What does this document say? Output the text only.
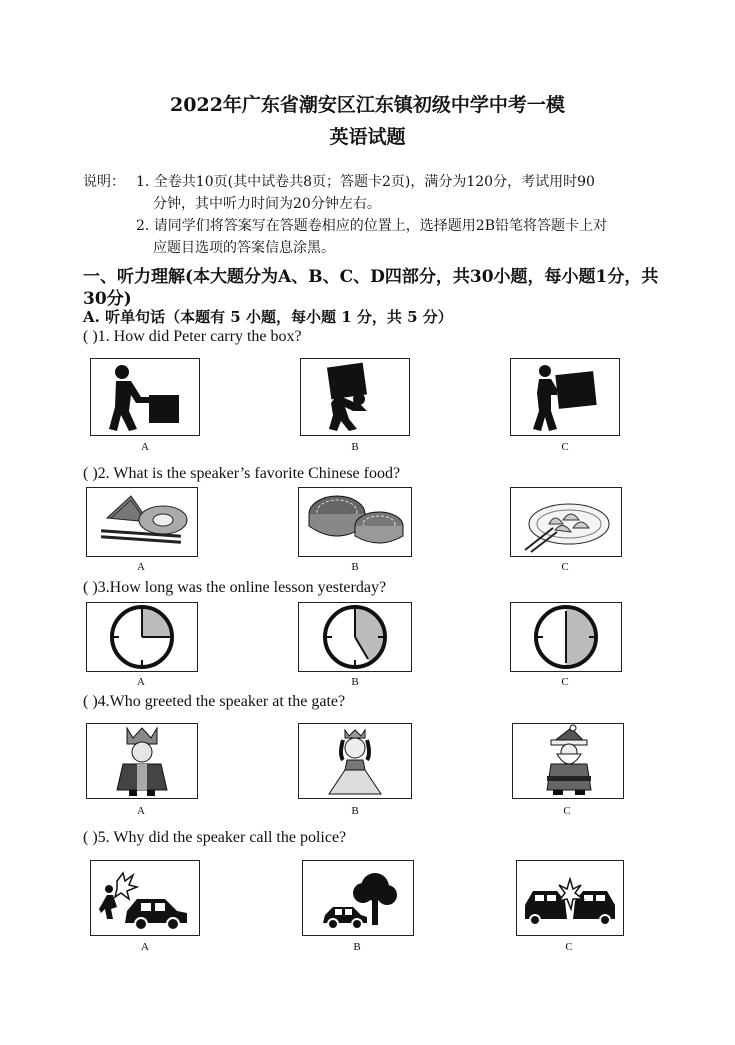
2022年广东省潮安区江东镇初级中学中考一模
英语试题
说明： 1. 全卷共10页(其中试卷共8页；答题卡2页)，满分为120分，考试用时90
分钟，其中听力时间为20分钟左右。
2. 请同学们将答案写在答题卷相应的位置上，选择题用2B铅笔将答题卡上对
应题目选项的答案信息涂黑。
一、听力理解(本大题分为A、B、C、D四部分，共30小题，每小题1分，共
30分)
A. 听单句话（本题有 5 小题，每小题 1 分，共 5 分）
( )1. How did Peter carry the box?
A	B	C
( )2. What is the speaker’s favorite Chinese food?
A	B	C
( )3.How long was the online lesson yesterday?
A	B	C
( )4.Who greeted the speaker at the gate?
A	B	C
( )5. Why did the speaker call the police?
A	B	C
